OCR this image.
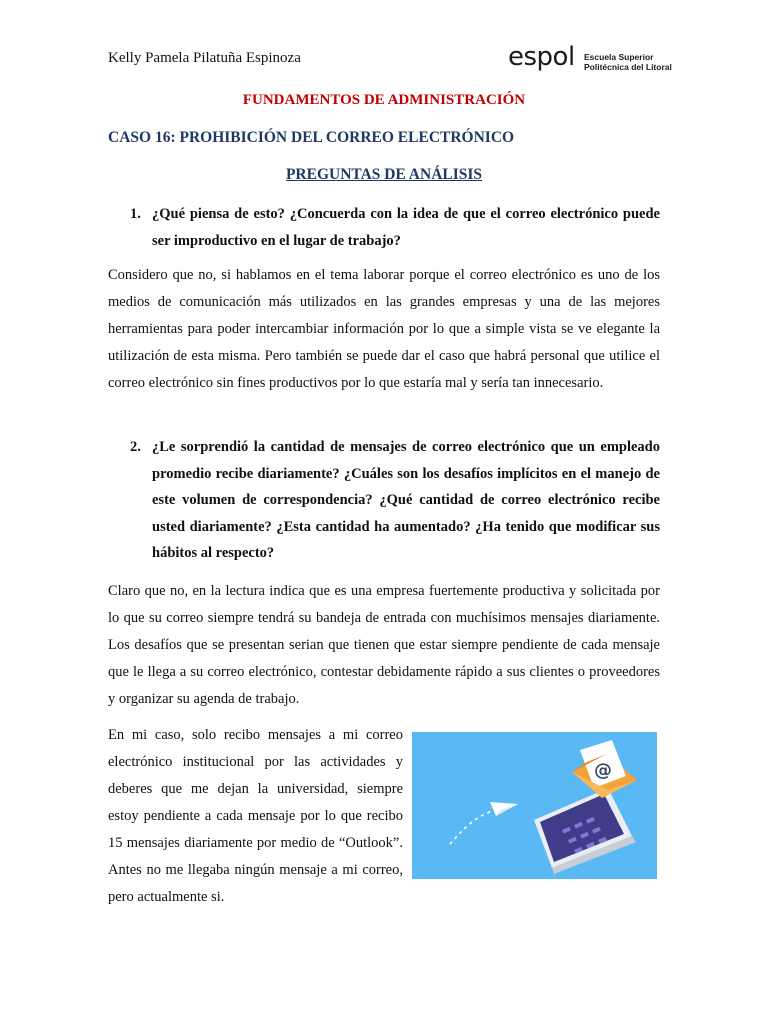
Kelly Pamela Pilatuña Espinoza	espol Escuela Superior
Politécnica del Litoral
FUNDAMENTOS DE ADMINISTRACIÓN
CASO 16: PROHIBICIÓN DEL CORREO ELECTRÓNICO
PREGUNTAS DE ANÁLISIS
1. ¿Qué piensa de esto? ¿Concuerda con la idea de que el correo electrónico puede ser improductivo en el lugar de trabajo?

Considero que no, si hablamos en el tema laborar porque el correo electrónico es uno de los medios de comunicación más utilizados en las grandes empresas y una de las mejores herramientas para poder intercambiar información por lo que a simple vista se ve elegante la utilización de esta misma. Pero también se puede dar el caso que habrá personal que utilice el correo electrónico sin fines productivos por lo que estaría mal y sería tan innecesario.

2. ¿Le sorprendió la cantidad de mensajes de correo electrónico que un empleado promedio recibe diariamente? ¿Cuáles son los desafíos implícitos en el manejo de este volumen de correspondencia? ¿Qué cantidad de correo electrónico recibe usted diariamente? ¿Esta cantidad ha aumentado? ¿Ha tenido que modificar sus hábitos al respecto?

Claro que no, en la lectura indica que es una empresa fuertemente productiva y solicitada por lo que su correo siempre tendrá su bandeja de entrada con muchísimos mensajes diariamente. Los desafíos que se presentan serian que tienen que estar siempre pendiente de cada mensaje que le llega a su correo electrónico, contestar debidamente rápido a sus clientes o proveedores y organizar su agenda de trabajo.

En mi caso, solo recibo mensajes a mi correo electrónico institucional por las actividades y deberes que me dejan la universidad, siempre estoy pendiente a cada mensaje por lo que recibo 15 mensajes diariamente por medio de “Outlook”. Antes no me llegaba ningún mensaje a mi correo, pero actualmente si.

@
